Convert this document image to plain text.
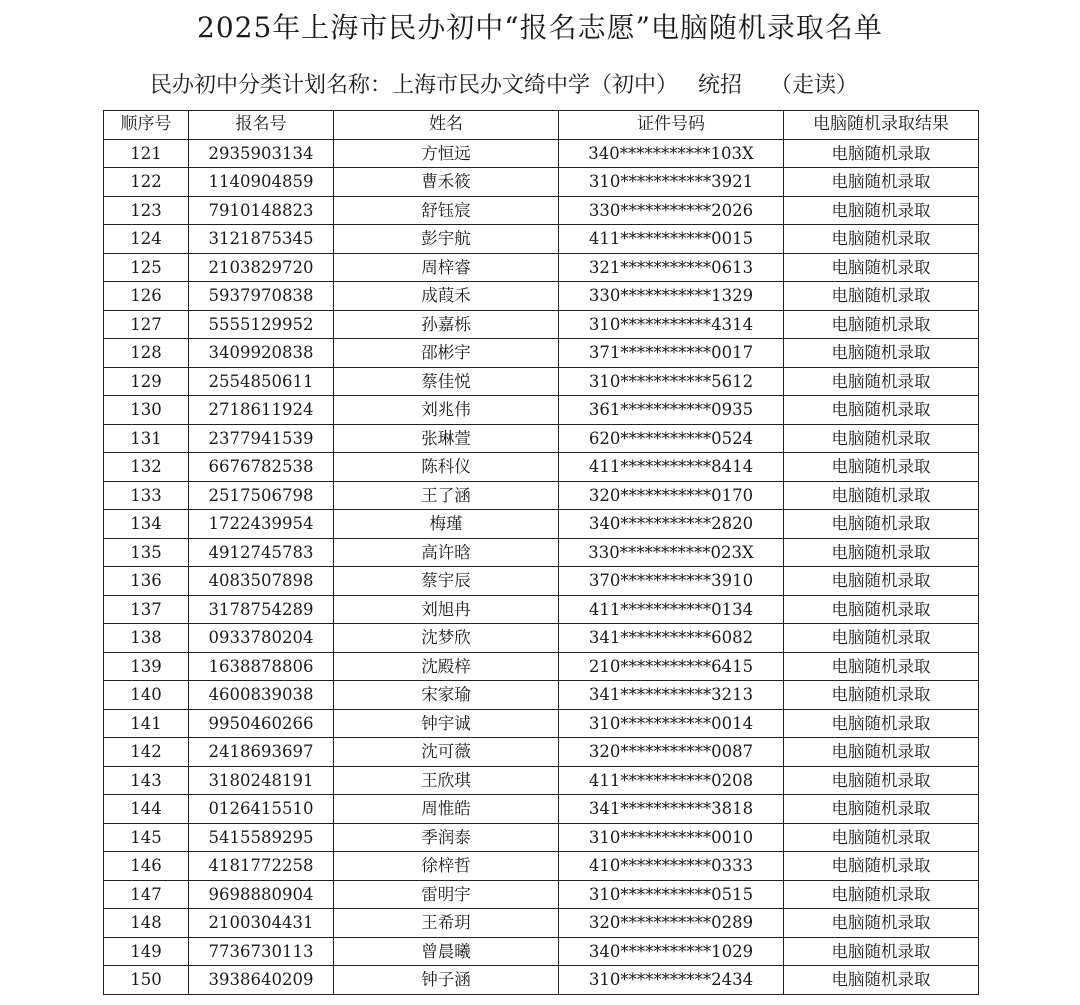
2025年上海市民办初中“报名志愿”电脑随机录取名单
民办初中分类计划名称：上海市民办文绮中学（初中） 统招 （走读）
顺序号	报名号	姓名	证件号码	电脑随机录取结果
121	2935903134	方恒远	340***********103X	电脑随机录取
122	1140904859	曹禾筱	310***********3921	电脑随机录取
123	7910148823	舒钰宸	330***********2026	电脑随机录取
124	3121875345	彭宇航	411***********0015	电脑随机录取
125	2103829720	周梓睿	321***********0613	电脑随机录取
126	5937970838	成葭禾	330***********1329	电脑随机录取
127	5555129952	孙嘉栎	310***********4314	电脑随机录取
128	3409920838	邵彬宇	371***********0017	电脑随机录取
129	2554850611	蔡佳悦	310***********5612	电脑随机录取
130	2718611924	刘兆伟	361***********0935	电脑随机录取
131	2377941539	张琳萱	620***********0524	电脑随机录取
132	6676782538	陈科仪	411***********8414	电脑随机录取
133	2517506798	王了涵	320***********0170	电脑随机录取
134	1722439954	梅瑾	340***********2820	电脑随机录取
135	4912745783	高许晗	330***********023X	电脑随机录取
136	4083507898	蔡宇辰	370***********3910	电脑随机录取
137	3178754289	刘旭冉	411***********0134	电脑随机录取
138	0933780204	沈梦欣	341***********6082	电脑随机录取
139	1638878806	沈殿梓	210***********6415	电脑随机录取
140	4600839038	宋家瑜	341***********3213	电脑随机录取
141	9950460266	钟宇诚	310***********0014	电脑随机录取
142	2418693697	沈可薇	320***********0087	电脑随机录取
143	3180248191	王欣琪	411***********0208	电脑随机录取
144	0126415510	周惟皓	341***********3818	电脑随机录取
145	5415589295	季润泰	310***********0010	电脑随机录取
146	4181772258	徐梓哲	410***********0333	电脑随机录取
147	9698880904	雷明宇	310***********0515	电脑随机录取
148	2100304431	王希玥	320***********0289	电脑随机录取
149	7736730113	曾晨曦	340***********1029	电脑随机录取
150	3938640209	钟子涵	310***********2434	电脑随机录取
